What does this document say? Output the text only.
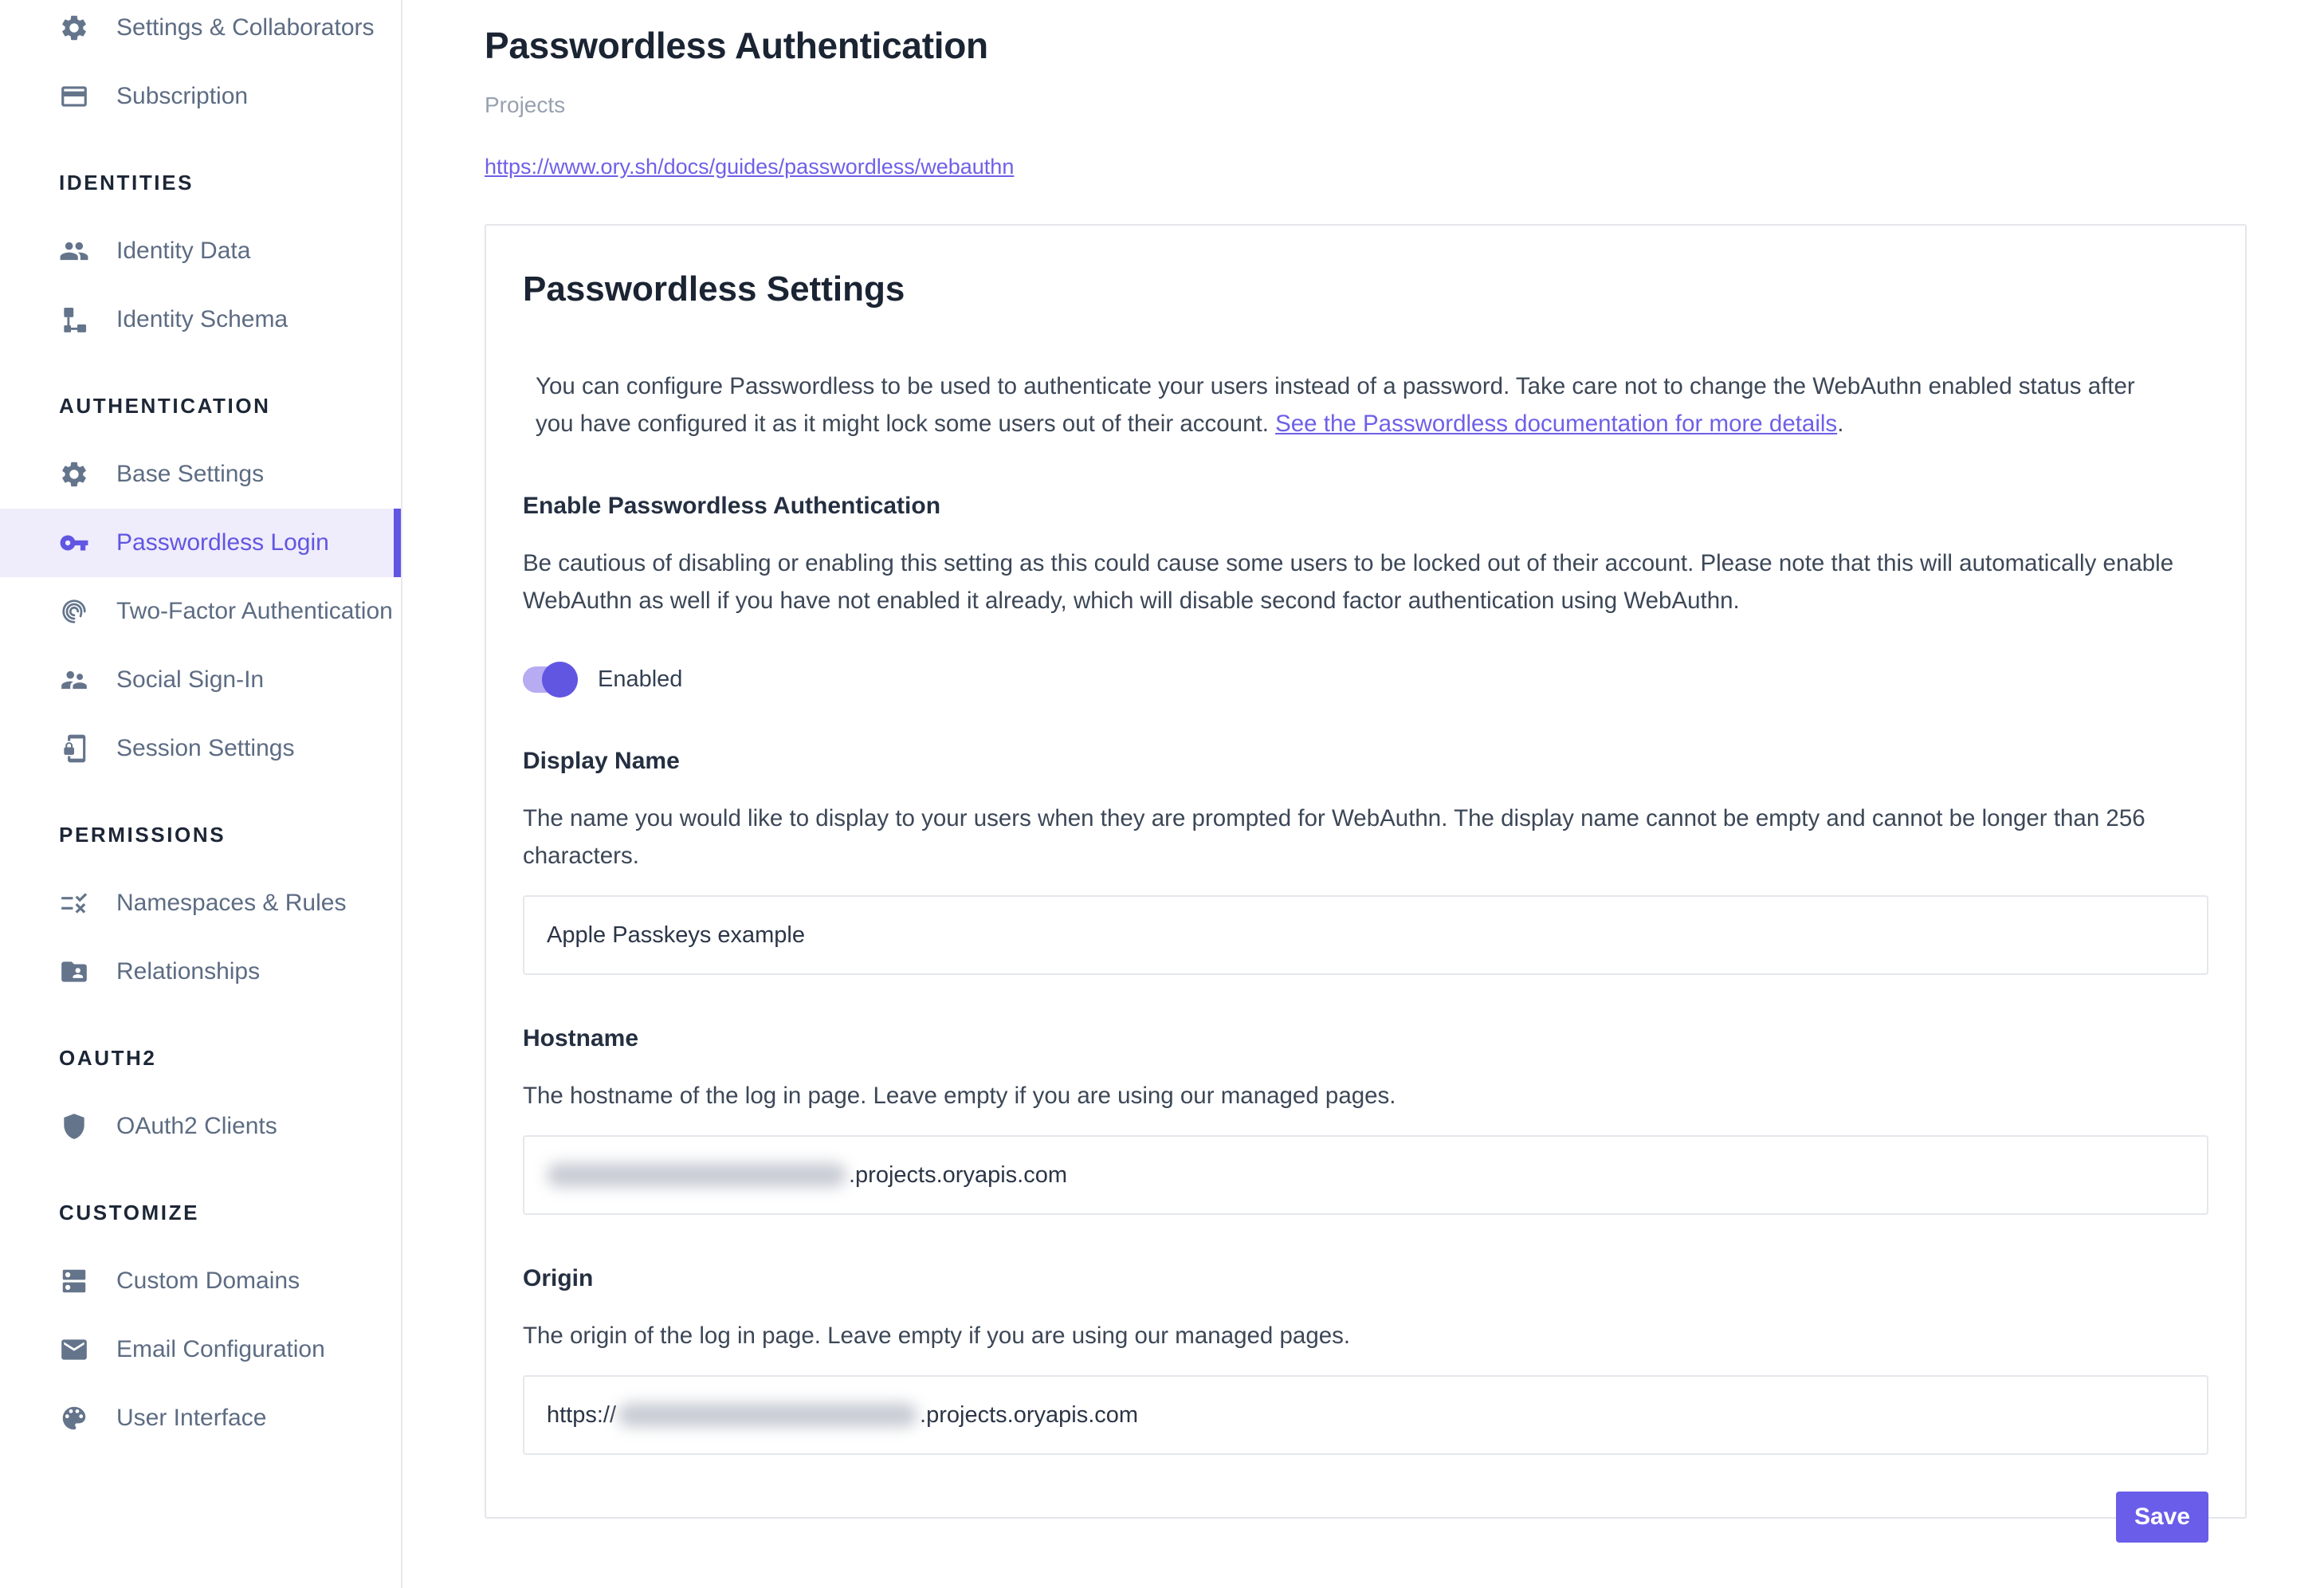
Settings & Collaborators
Subscription
IDENTITIES
Identity Data
Identity Schema
AUTHENTICATION
Base Settings
Passwordless Login
Two-Factor Authentication
Social Sign-In
Session Settings
PERMISSIONS
Namespaces & Rules
Relationships
OAUTH2
OAuth2 Clients
CUSTOMIZE
Custom Domains
Email Configuration
User Interface
Passwordless Authentication
Projects
https://www.ory.sh/docs/guides/passwordless/webauthn
Passwordless Settings

You can configure Passwordless to be used to authenticate your users instead of a password. Take care not to change the WebAuthn enabled status after you have configured it as it might lock some users out of their account. See the Passwordless documentation for more details.

Enable Passwordless Authentication

Be cautious of disabling or enabling this setting as this could cause some users to be locked out of their account. Please note that this will automatically enable WebAuthn as well if you have not enabled it already, which will disable second factor authentication using WebAuthn.

Enabled
Display Name

The name you would like to display to your users when they are prompted for WebAuthn. The display name cannot be empty and cannot be longer than 256 characters.

Apple Passkeys example
Hostname

The hostname of the log in page. Leave empty if you are using our managed pages.

.projects.oryapis.com
Origin

The origin of the log in page. Leave empty if you are using our managed pages.

https://	.projects.oryapis.com
Save
